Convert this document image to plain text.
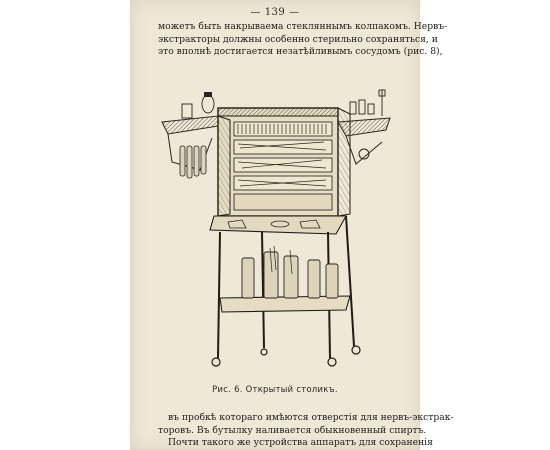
— 139 —
можетъ быть накрываема стекляннымъ колпакомъ. Нервъ-
экстракторы должны особенно стерильно сохраняться, и
это вполнѣ достигается незатѣйливымъ сосудомъ (рис. 8),
Рис. 6. Открытый столикъ.
въ пробкѣ котораго имѣются отверстія для нервъ-экстрак-
торовъ. Въ бутылку наливается обыкновенный спиртъ.
Почти такого же устройства аппаратъ для сохраненія
